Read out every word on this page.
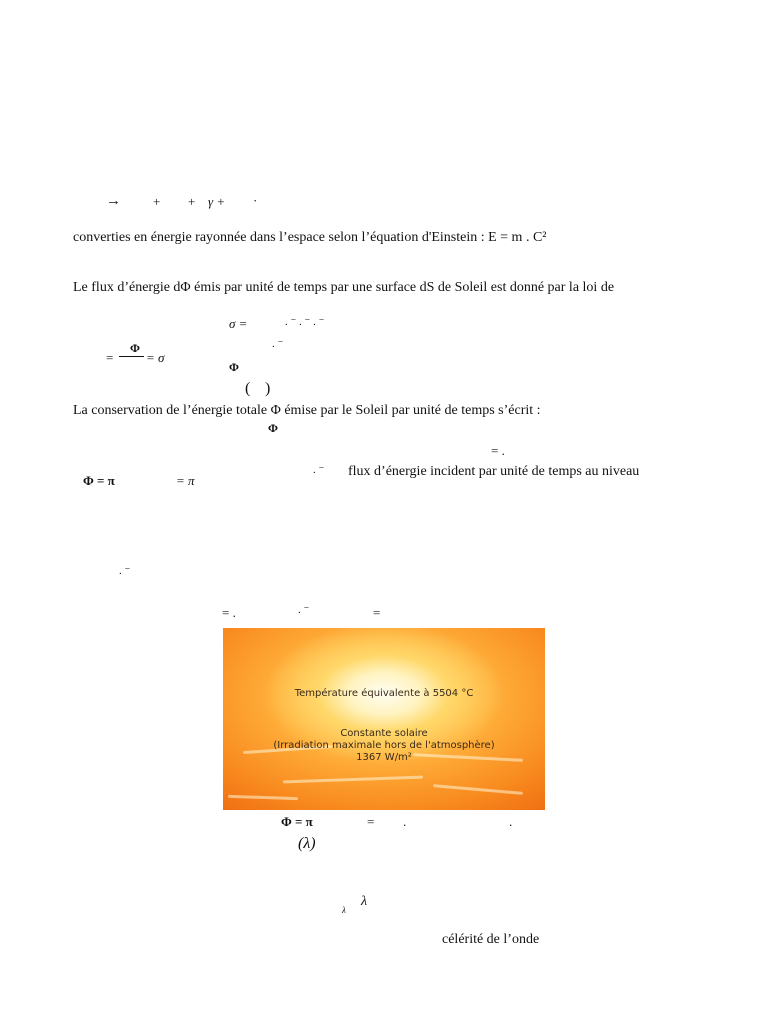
→ + + γ + ·
converties en énergie rayonnée dans l’espace selon l’équation d'Einstein : E = m . C²
Le flux d’énergie dΦ émis par unité de temps par une surface dS de Soleil est donné par la loi de
σ =	. ⁻ . ⁻ . ⁻
. ⁻
=
Φ
= σ
Φ
( )
La conservation de l’énergie totale Φ émise par le Soleil par unité de temps s’écrit :
Φ
= .
Φ = π	= π
. ⁻ flux d’énergie incident par unité de temps au niveau
. ⁻
= .	. ⁻	=
Température équivalente à 5504 °C
Constante solaire
(Irradiation maximale hors de l'atmosphère)
1367 W/m²
Φ = π	= .	.
(λ)
λ
λ
célérité de l’onde
